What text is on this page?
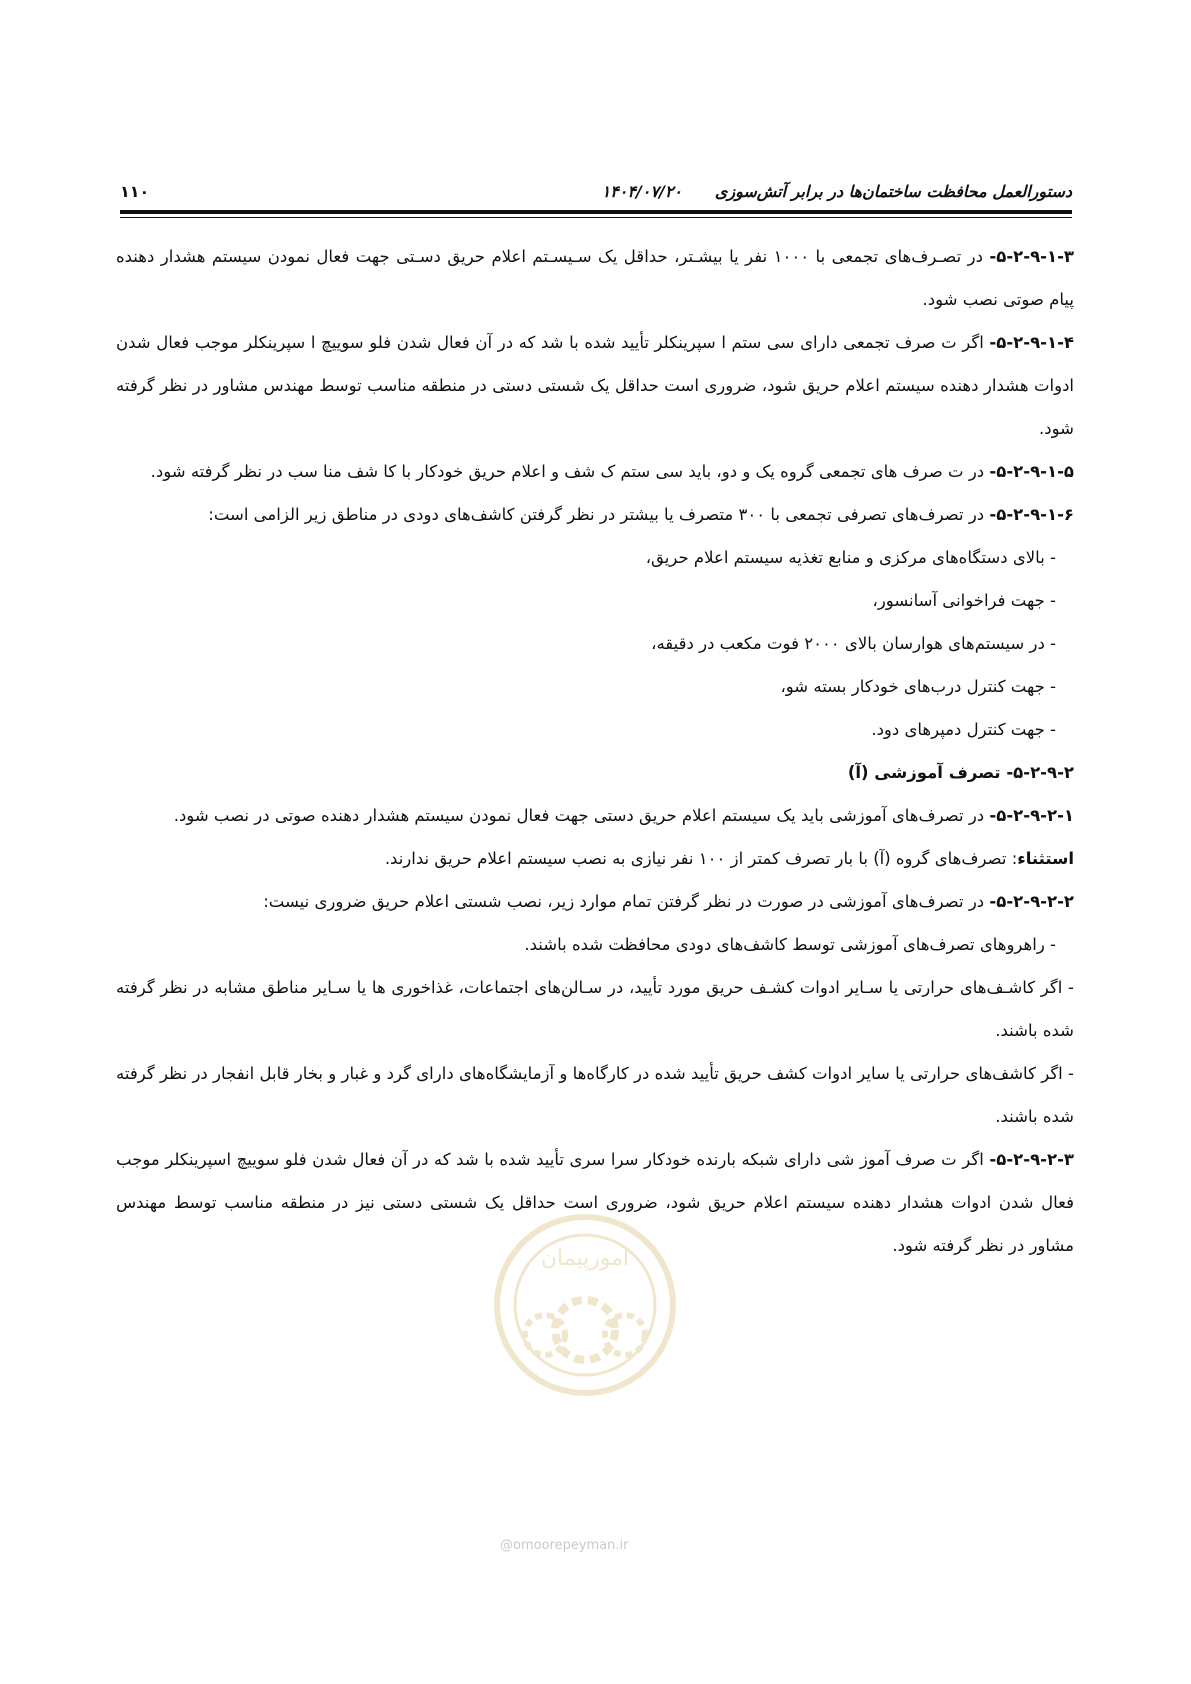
دستورالعمل محافظت ساختمان‌ها در برابر آتش‌سوزی
۱۴۰۴/۰۷/۲۰
۱۱۰

۵-۲-۹-۱-۳- در تصـرف‌های تجمعی با ۱۰۰۰ نفر یا بیشـتر، حداقل یک سـیسـتم اعلام حریق دسـتی جهت فعال نمودن سیستم هشدار دهنده پیام صوتی نصب شود.

۵-۲-۹-۱-۴- اگر ت صرف تجمعی دارای سی ستم ا سپرینکلر تأیید شده با شد که در آن فعال شدن فلو سوییچ ا سپرینکلر موجب فعال شدن ادوات هشدار دهنده سیستم اعلام حریق شود، ضروری است حداقل یک شستی دستی در منطقه مناسب توسط مهندس مشاور در نظر گرفته شود.

۵-۲-۹-۱-۵- در ت صرف های تجمعی گروه یک و دو، باید سی ستم ک شف و اعلام حریق خودکار با کا شف منا سب در نظر گرفته شود.

۵-۲-۹-۱-۶- در تصرف‌های تصرفی تجمعی با ۳۰۰ متصرف یا بیشتر در نظر گرفتن کاشف‌های دودی در مناطق زیر الزامی است:

- بالای دستگاه‌های مرکزی و منابع تغذیه سیستم اعلام حریق،

- جهت فراخوانی آسانسور،

- در سیستم‌های هوارسان بالای ۲۰۰۰ فوت مکعب در دقیقه،

- جهت کنترل درب‌های خودکار بسته شو،

- جهت کنترل دمپرهای دود.

۵-۲-۹-۲- تصرف آموزشی (آ)

۵-۲-۹-۲-۱- در تصرف‌های آموزشی باید یک سیستم اعلام حریق دستی جهت فعال نمودن سیستم هشدار دهنده صوتی در نصب شود.

استثناء: تصرف‌های گروه (آ) با بار تصرف کمتر از ۱۰۰ نفر نیازی به نصب سیستم اعلام حریق ندارند.

۵-۲-۹-۲-۲- در تصرف‌های آموزشی در صورت در نظر گرفتن تمام موارد زیر، نصب شستی اعلام حریق ضروری نیست:

- راهروهای تصرف‌های آموزشی توسط کاشف‌های دودی محافظت شده باشند.

- اگر کاشـف‌های حرارتی یا سـایر ادوات کشـف حریق مورد تأیید، در سـالن‌های اجتماعات، غذاخوری ها یا سـایر مناطق مشابه در نظر گرفته شده باشند.

- اگر کاشف‌های حرارتی یا سایر ادوات کشف حریق تأیید شده در کارگاه‌ها و آزمایشگاه‌های دارای گرد و غبار و بخار قابل انفجار در نظر گرفته شده باشند.

۵-۲-۹-۲-۳- اگر ت صرف آموز شی دارای شبکه بارنده خودکار سرا سری تأیید شده با شد که در آن فعال شدن فلو سوییچ اسپرینکلر موجب فعال شدن ادوات هشدار دهنده سیستم اعلام حریق شود، ضروری است حداقل یک شستی دستی نیز در منطقه مناسب توسط مهندس مشاور در نظر گرفته شود.

امورپیمان
@omoorepeyman.ir
